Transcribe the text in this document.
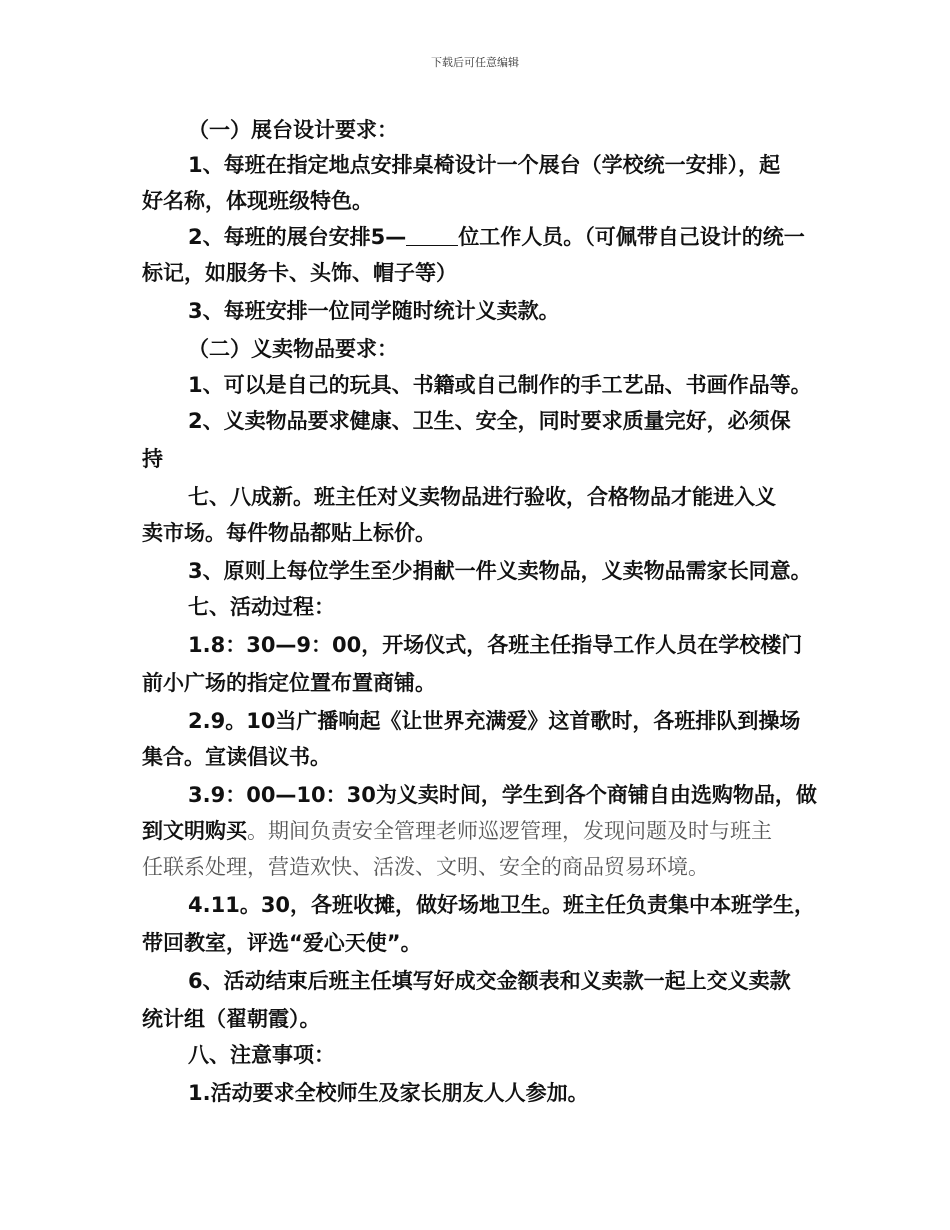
下载后可任意编辑
（一）展台设计要求：
1、每班在指定地点安排桌椅设计一个展台（学校统一安排），起
好名称，体现班级特色。
2、每班的展台安排5— 位工作人员。（可佩带自己设计的统一
标记，如服务卡、头饰、帽子等）
3、每班安排一位同学随时统计义卖款。
（二）义卖物品要求：
1、可以是自己的玩具、书籍或自己制作的手工艺品、书画作品等。
2、义卖物品要求健康、卫生、安全，同时要求质量完好，必须保
持
七、八成新。班主任对义卖物品进行验收，合格物品才能进入义
卖市场。每件物品都贴上标价。
3、原则上每位学生至少捐献一件义卖物品，义卖物品需家长同意。
七、活动过程：
1.8：30—9：00，开场仪式，各班主任指导工作人员在学校楼门
前小广场的指定位置布置商铺。
2.9。10当广播响起《让世界充满爱》这首歌时，各班排队到操场
集合。宣读倡议书。
3.9：00—10：30为义卖时间，学生到各个商铺自由选购物品，做
到文明购买。期间负责安全管理老师巡逻管理，发现问题及时与班主
任联系处理，营造欢快、活泼、文明、安全的商品贸易环境。
4.11。30，各班收摊，做好场地卫生。班主任负责集中本班学生，
带回教室，评选“爱心天使”。
6、活动结束后班主任填写好成交金额表和义卖款一起上交义卖款
统计组（翟朝霞）。
八、注意事项：
1.活动要求全校师生及家长朋友人人参加。
